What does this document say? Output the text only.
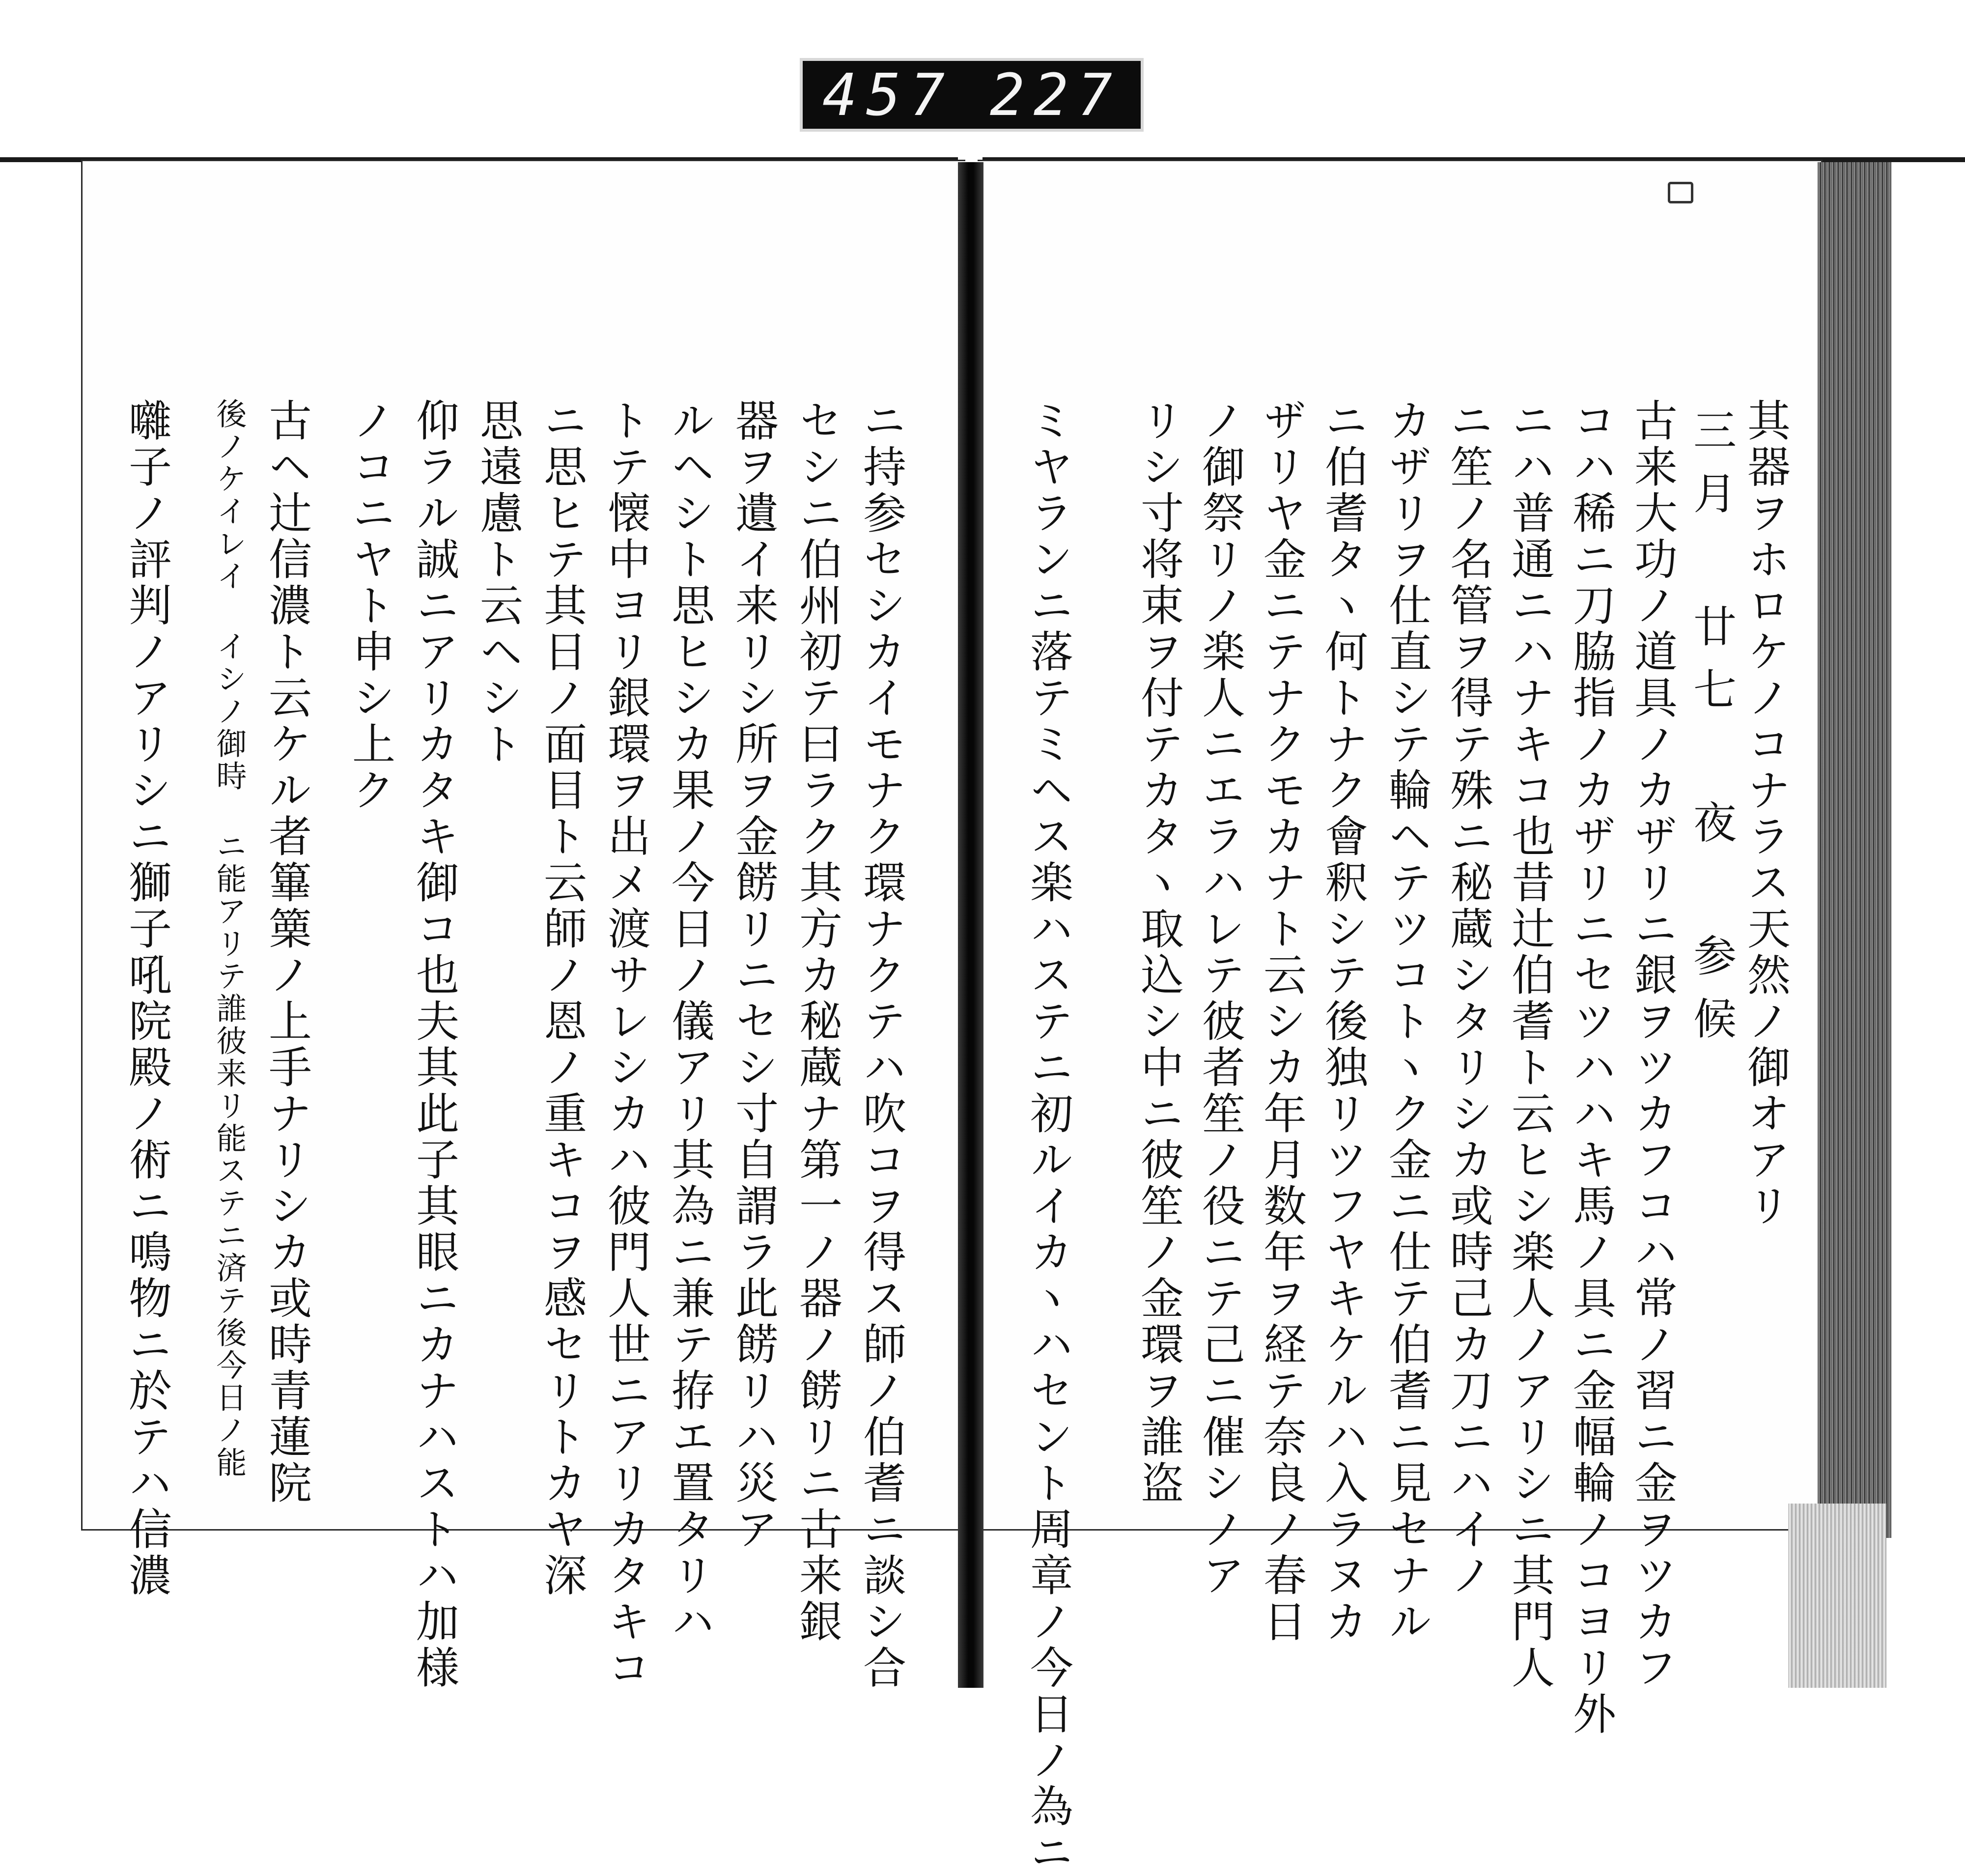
457 227
其器ヲホロケノコナラス天然ノ御オアリ
三月 廿七 夜 参候
古来大功ノ道具ノカザリニ銀ヲツカフコハ常ノ習ニ金ヲツカフ
コハ稀ニ刀脇指ノカザリニセツハハキ馬ノ具ニ金幅輪ノコヨリ外
ニハ普通ニハナキコ也昔辻伯耆ト云ヒシ楽人ノアリシニ其門人
ニ笙ノ名管ヲ得テ殊ニ秘蔵シタリシカ或時己カ刀ニハイノ
カザリヲ仕直シテ輪ヘテツコトヽク金ニ仕テ伯耆ニ見セナル
ニ伯耆タヽ何トナク會釈シテ後独リツフヤキケルハ入ラヌカ
ザリヤ金ニテナクモカナト云シカ年月数年ヲ経テ奈良ノ春日
ノ御祭リノ楽人ニエラハレテ彼者笙ノ役ニテ己ニ催シノア
リシ寸将束ヲ付テカタヽ取込シ中ニ彼笙ノ金環ヲ誰盗
ミヤランニ落テミヘス楽ハステニ初ルイカヽハセント周章ノ今日ノ為ニ
ニ持参セシカイモナク環ナクテハ吹コヲ得ス師ノ伯耆ニ談シ合
セシニ伯州初テ曰ラク其方カ秘蔵ナ第一ノ器ノ餝リニ古来銀
器ヲ遺イ来リシ所ヲ金餝リニセシ寸自謂ラ此餝リハ災ア
ルヘシト思ヒシカ果ノ今日ノ儀アリ其為ニ兼テ拵エ置タリハ
トテ懐中ヨリ銀環ヲ出メ渡サレシカハ彼門人世ニアリカタキコ
ニ思ヒテ其日ノ面目ト云師ノ恩ノ重キコヲ感セリトカヤ深
思遠慮ト云ヘシト
仰ラル誠ニアリカタキ御コ也夫其此子其眼ニカナハストハ加様
ノコニヤト申シ上ク
古ヘ辻信濃ト云ケル者篳篥ノ上手ナリシカ或時青蓮院
後ノケイレイ イシノ御時 ニ能アリテ誰彼来リ能ステニ済テ後今日ノ能
囃子ノ評判ノアリシニ獅子吼院殿ノ術ニ鳴物ニ於テハ信濃
